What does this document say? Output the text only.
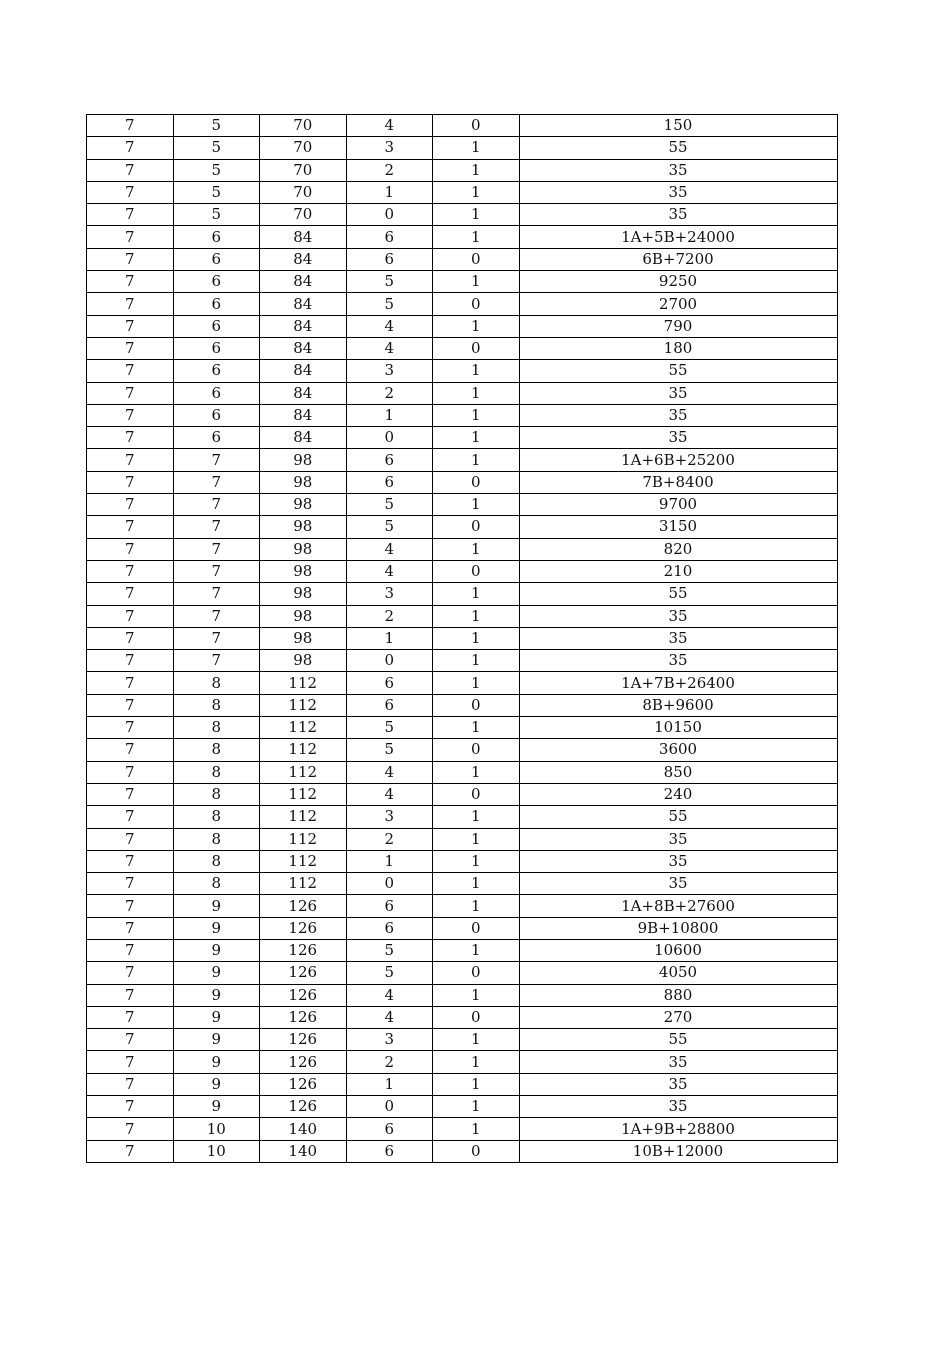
7	5	70	4	0	150
7	5	70	3	1	55
7	5	70	2	1	35
7	5	70	1	1	35
7	5	70	0	1	35
7	6	84	6	1	1A+5B+24000
7	6	84	6	0	6B+7200
7	6	84	5	1	9250
7	6	84	5	0	2700
7	6	84	4	1	790
7	6	84	4	0	180
7	6	84	3	1	55
7	6	84	2	1	35
7	6	84	1	1	35
7	6	84	0	1	35
7	7	98	6	1	1A+6B+25200
7	7	98	6	0	7B+8400
7	7	98	5	1	9700
7	7	98	5	0	3150
7	7	98	4	1	820
7	7	98	4	0	210
7	7	98	3	1	55
7	7	98	2	1	35
7	7	98	1	1	35
7	7	98	0	1	35
7	8	112	6	1	1A+7B+26400
7	8	112	6	0	8B+9600
7	8	112	5	1	10150
7	8	112	5	0	3600
7	8	112	4	1	850
7	8	112	4	0	240
7	8	112	3	1	55
7	8	112	2	1	35
7	8	112	1	1	35
7	8	112	0	1	35
7	9	126	6	1	1A+8B+27600
7	9	126	6	0	9B+10800
7	9	126	5	1	10600
7	9	126	5	0	4050
7	9	126	4	1	880
7	9	126	4	0	270
7	9	126	3	1	55
7	9	126	2	1	35
7	9	126	1	1	35
7	9	126	0	1	35
7	10	140	6	1	1A+9B+28800
7	10	140	6	0	10B+12000
